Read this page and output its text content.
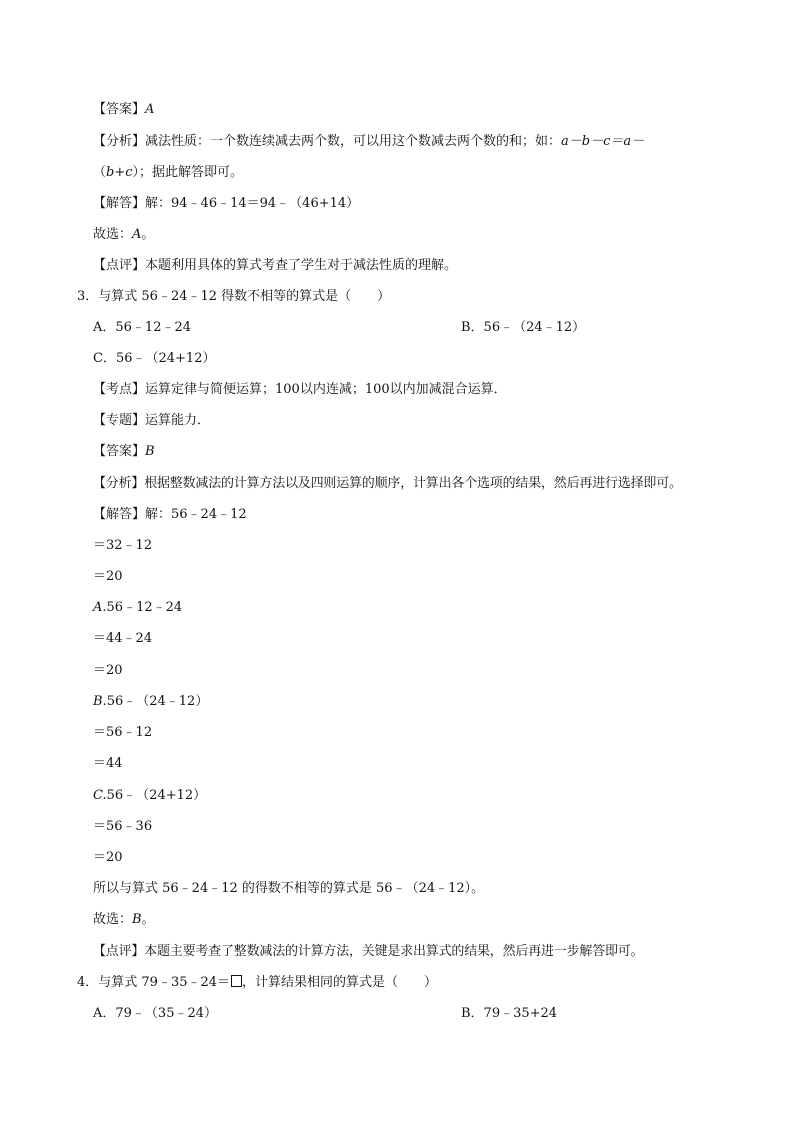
【答案】A
【分析】减法性质：一个数连续减去两个数，可以用这个数减去两个数的和；如：a－b－c＝a－
（b+c）；据此解答即可。
【解答】解：94﹣46﹣14＝94﹣（46+14）
故选：A。
【点评】本题利用具体的算式考查了学生对于减法性质的理解。
3．与算式 56﹣24﹣12 得数不相等的算式是（　　）
A．56﹣12﹣24	B．56﹣（24﹣12）
C．56﹣（24+12）
【考点】运算定律与简便运算；100以内连减；100以内加减混合运算．
【专题】运算能力．
【答案】B
【分析】根据整数减法的计算方法以及四则运算的顺序，计算出各个选项的结果，然后再进行选择即可。
【解答】解：56﹣24﹣12
＝32﹣12
＝20
A.56﹣12﹣24
＝44﹣24
＝20
B.56﹣（24﹣12）
＝56﹣12
＝44
C.56﹣（24+12）
＝56﹣36
＝20
所以与算式 56﹣24﹣12 的得数不相等的算式是 56﹣（24﹣12）。
故选：B。
【点评】本题主要考查了整数减法的计算方法，关键是求出算式的结果，然后再进一步解答即可。
4．与算式 79﹣35﹣24＝ ，计算结果相同的算式是（　　）
A．79﹣（35﹣24）	B．79﹣35+24
